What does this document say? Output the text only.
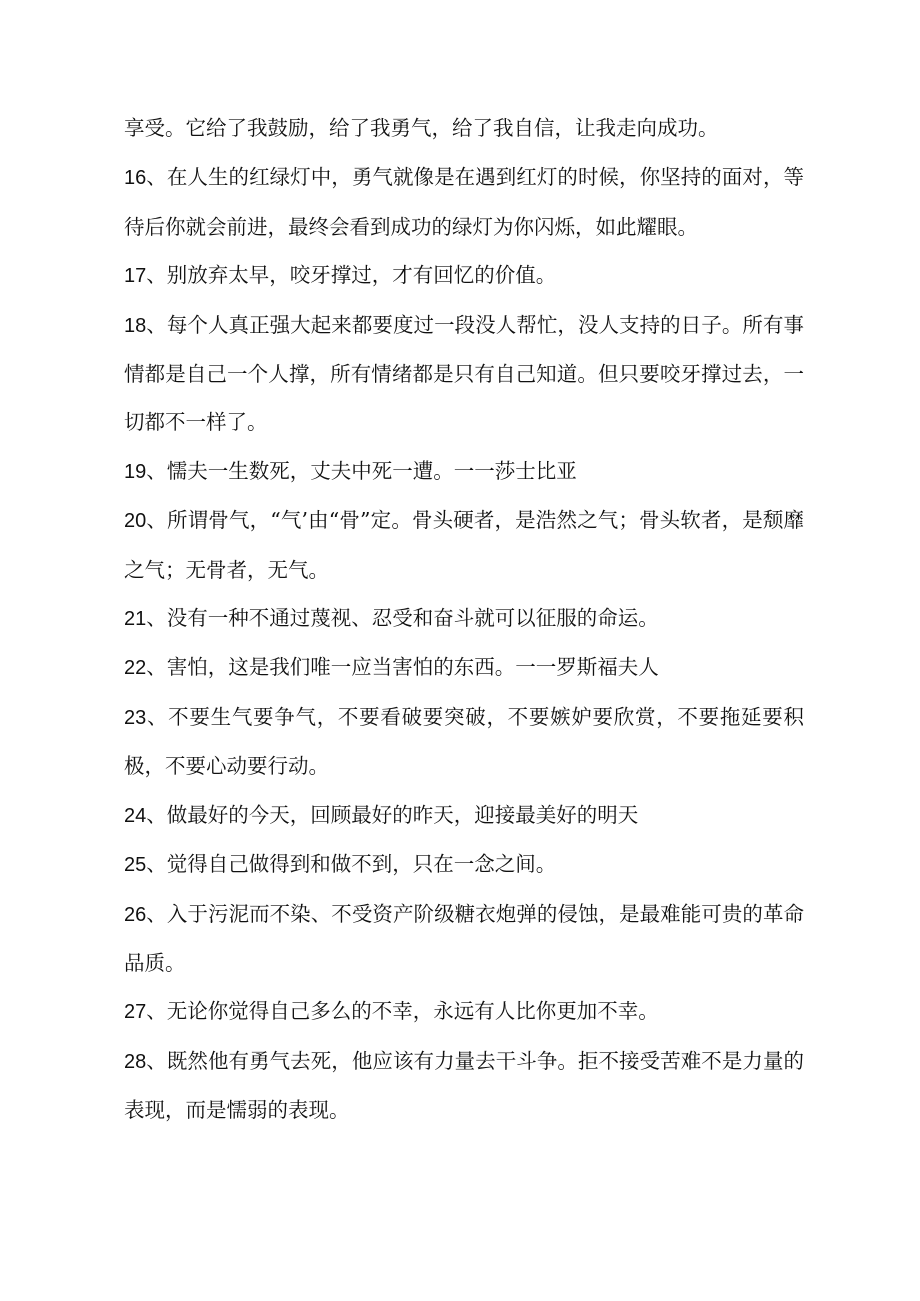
享受。它给了我鼓励，给了我勇气，给了我自信，让我走向成功。

16、在人生的红绿灯中，勇气就像是在遇到红灯的时候，你坚持的面对，等待后你就会前进，最终会看到成功的绿灯为你闪烁，如此耀眼。

17、别放弃太早，咬牙撑过，才有回忆的价值。

18、每个人真正强大起来都要度过一段没人帮忙，没人支持的日子。所有事情都是自己一个人撑，所有情绪都是只有自己知道。但只要咬牙撑过去，一切都不一样了。

19、懦夫一生数死，丈夫中死一遭。一一莎士比亚

20、所谓骨气，“气’由“骨”定。骨头硬者，是浩然之气；骨头软者，是颓靡之气；无骨者，无气。

21、没有一种不通过蔑视、忍受和奋斗就可以征服的命运。

22、害怕，这是我们唯一应当害怕的东西。一一罗斯福夫人

23、不要生气要争气，不要看破要突破，不要嫉妒要欣赏，不要拖延要积极，不要心动要行动。

24、做最好的今天，回顾最好的昨天，迎接最美好的明天

25、觉得自己做得到和做不到，只在一念之间。

26、入于污泥而不染、不受资产阶级糖衣炮弹的侵蚀，是最难能可贵的革命品质。

27、无论你觉得自己多么的不幸，永远有人比你更加不幸。

28、既然他有勇气去死，他应该有力量去干斗争。拒不接受苦难不是力量的表现，而是懦弱的表现。
